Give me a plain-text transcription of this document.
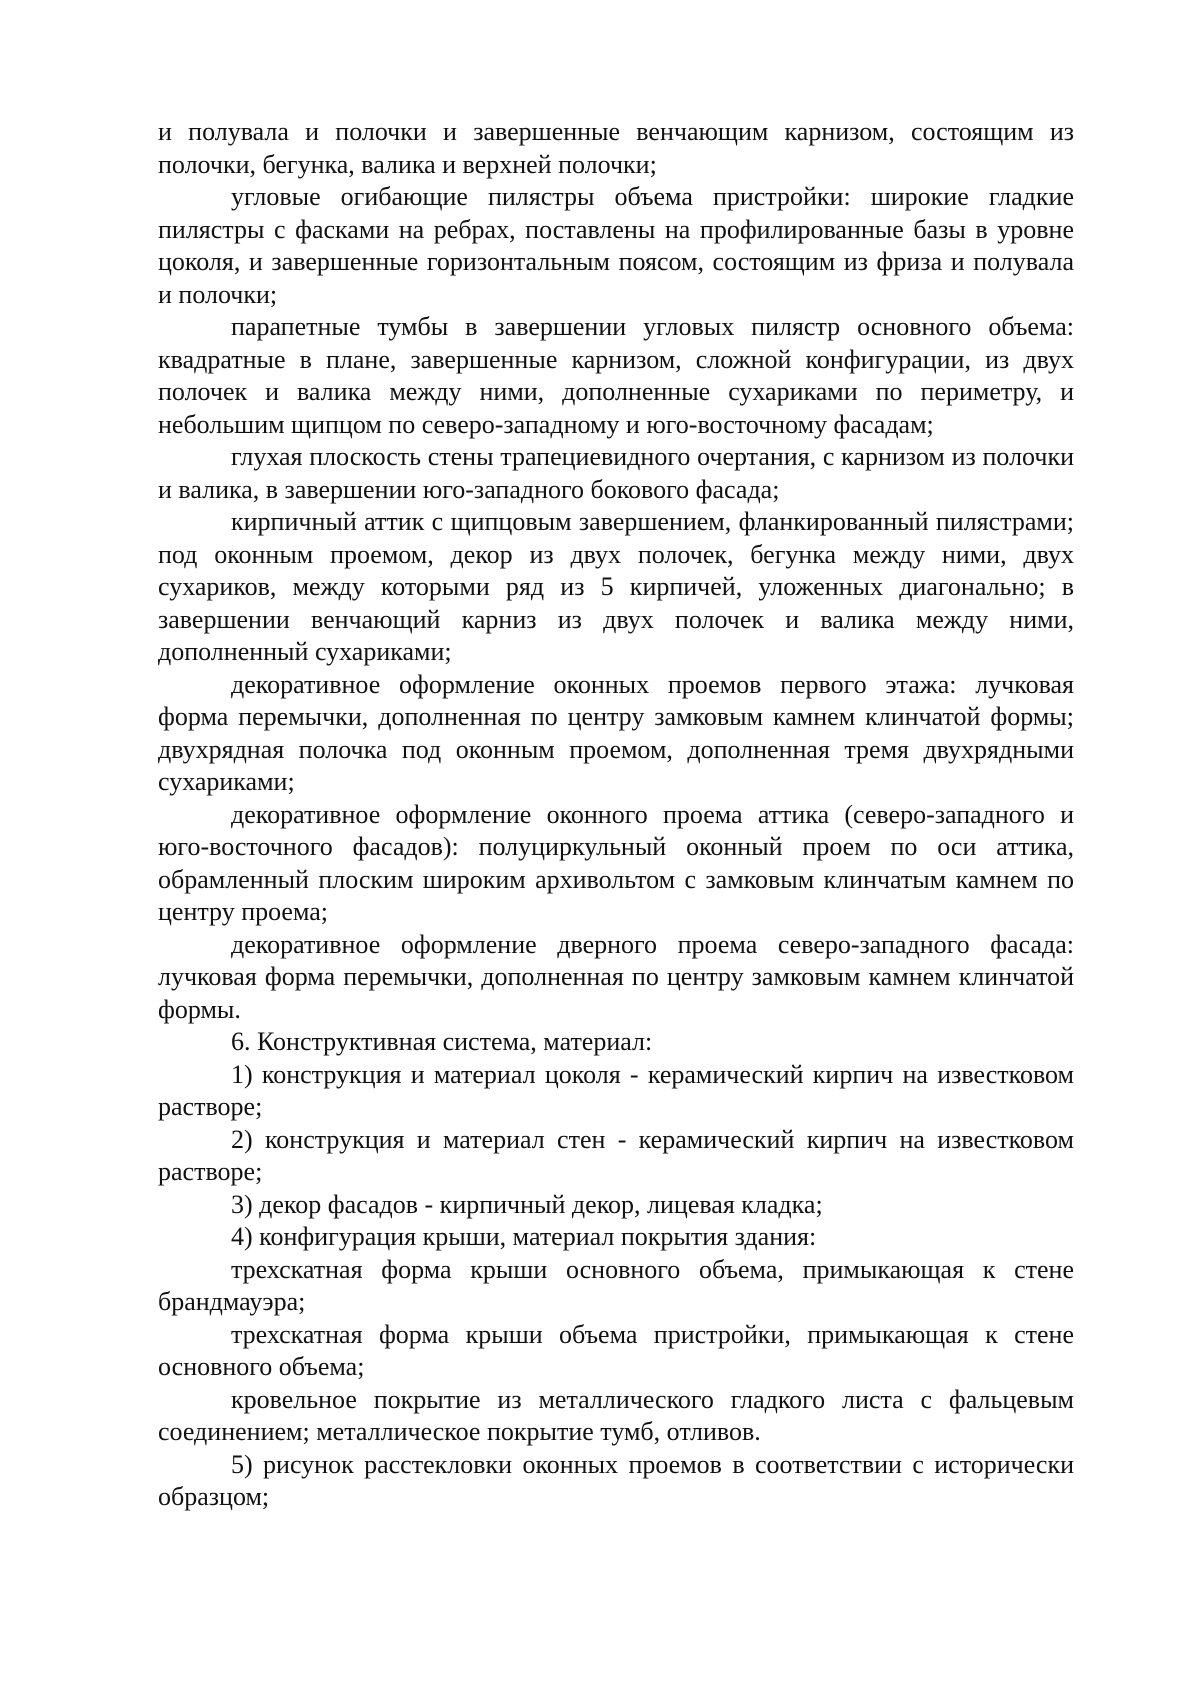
и полувала и полочки и завершенные венчающим карнизом, состоящим из полочки, бегунка, валика и верхней полочки;

угловые огибающие пилястры объема пристройки: широкие гладкие пилястры с фасками на ребрах, поставлены на профилированные базы в уровне цоколя, и завершенные горизонтальным поясом, состоящим из фриза и полувала и полочки;

парапетные тумбы в завершении угловых пилястр основного объема: квадратные в плане, завершенные карнизом, сложной конфигурации, из двух полочек и валика между ними, дополненные сухариками по периметру, и небольшим щипцом по северо-западному и юго-восточному фасадам;

глухая плоскость стены трапециевидного очертания, с карнизом из полочки и валика, в завершении юго-западного бокового фасада;

кирпичный аттик с щипцовым завершением, фланкированный пилястрами; под оконным проемом, декор из двух полочек, бегунка между ними, двух сухариков, между которыми ряд из 5 кирпичей, уложенных диагонально; в завершении венчающий карниз из двух полочек и валика между ними, дополненный сухариками;

декоративное оформление оконных проемов первого этажа: лучковая форма перемычки, дополненная по центру замковым камнем клинчатой формы; двухрядная полочка под оконным проемом, дополненная тремя двухрядными сухариками;

декоративное оформление оконного проема аттика (северо-западного и юго-восточного фасадов): полуциркульный оконный проем по оси аттика, обрамленный плоским широким архивольтом с замковым клинчатым камнем по центру проема;

декоративное оформление дверного проема северо-западного фасада: лучковая форма перемычки, дополненная по центру замковым камнем клинчатой формы.

6. Конструктивная система, материал:

1) конструкция и материал цоколя - керамический кирпич на известковом растворе;

2) конструкция и материал стен - керамический кирпич на известковом растворе;

3) декор фасадов - кирпичный декор, лицевая кладка;

4) конфигурация крыши, материал покрытия здания:

трехскатная форма крыши основного объема, примыкающая к стене брандмауэра;

трехскатная форма крыши объема пристройки, примыкающая к стене основного объема;

кровельное покрытие из металлического гладкого листа с фальцевым соединением; металлическое покрытие тумб, отливов.

5) рисунок расстекловки оконных проемов в соответствии с исторически образцом;
